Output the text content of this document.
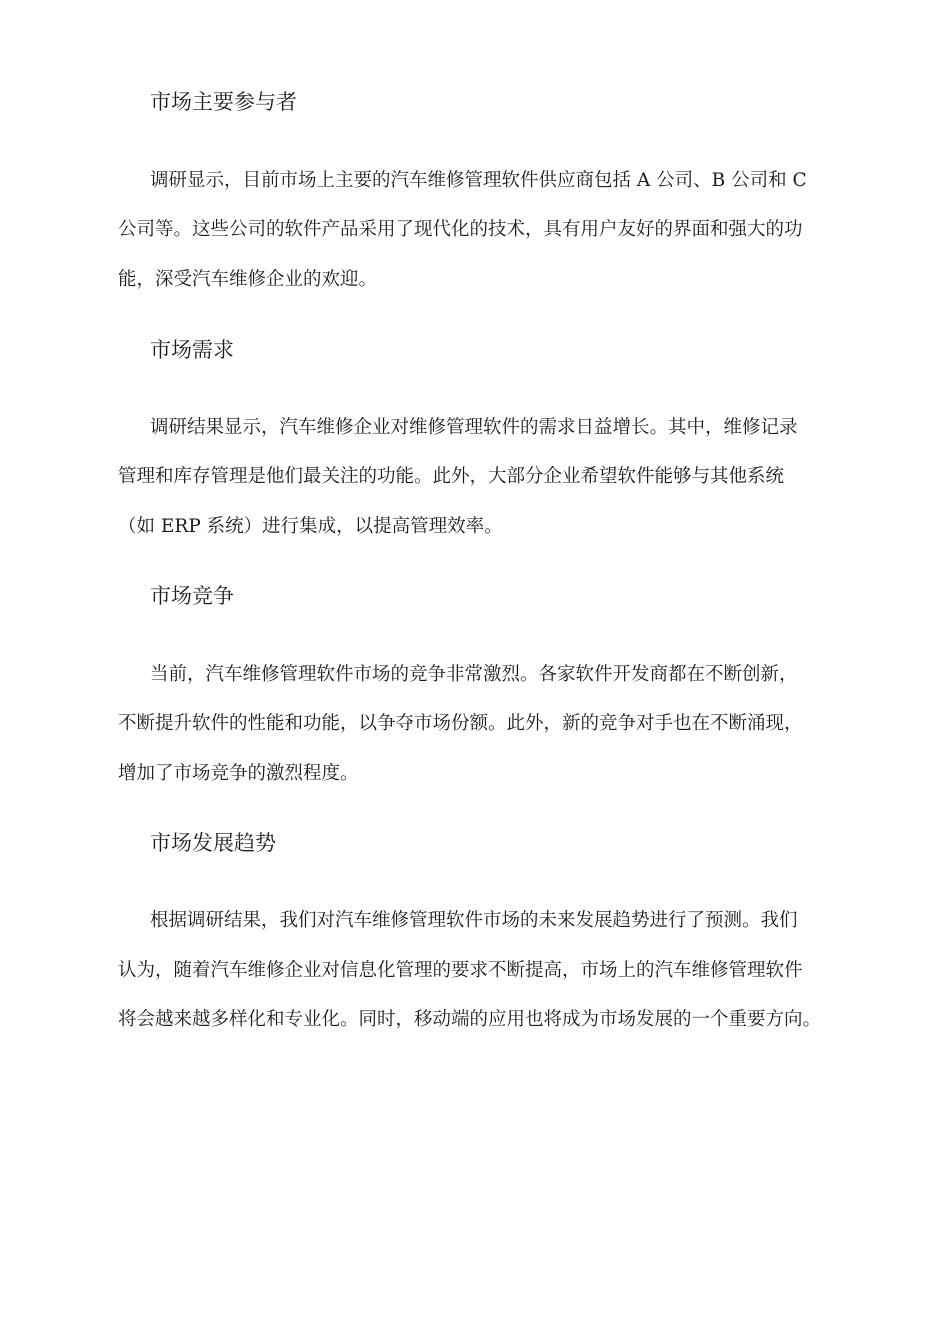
市场主要参与者
调研显示，目前市场上主要的汽车维修管理软件供应商包括 A 公司、B 公司和 C
公司等。这些公司的软件产品采用了现代化的技术，具有用户友好的界面和强大的功
能，深受汽车维修企业的欢迎。
市场需求
调研结果显示，汽车维修企业对维修管理软件的需求日益增长。其中，维修记录
管理和库存管理是他们最关注的功能。此外，大部分企业希望软件能够与其他系统
（如 ERP 系统）进行集成，以提高管理效率。
市场竞争
当前，汽车维修管理软件市场的竞争非常激烈。各家软件开发商都在不断创新，
不断提升软件的性能和功能，以争夺市场份额。此外，新的竞争对手也在不断涌现，
增加了市场竞争的激烈程度。
市场发展趋势
根据调研结果，我们对汽车维修管理软件市场的未来发展趋势进行了预测。我们
认为，随着汽车维修企业对信息化管理的要求不断提高，市场上的汽车维修管理软件
将会越来越多样化和专业化。同时，移动端的应用也将成为市场发展的一个重要方向。
